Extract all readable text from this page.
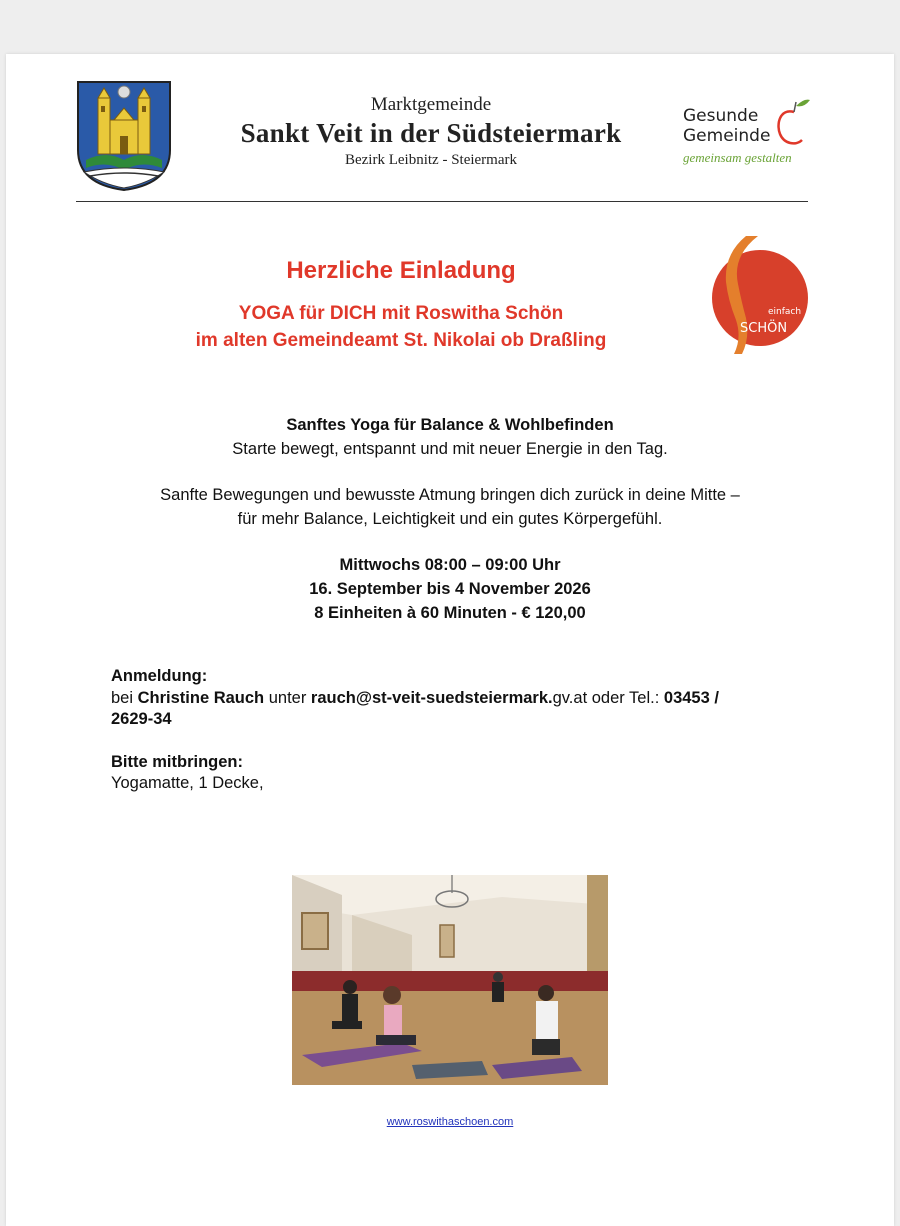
Marktgemeinde
Sankt Veit in der Südsteiermark
Bezirk Leibnitz - Steiermark
Gesunde
Gemeinde
gemeinsam gestalten
einfach
SCHÖN
Herzliche Einladung
YOGA für DICH mit Roswitha Schön
im alten Gemeindeamt St. Nikolai ob Draßling
Sanftes Yoga für Balance & Wohlbefinden
Starte bewegt, entspannt und mit neuer Energie in den Tag.
Sanfte Bewegungen und bewusste Atmung bringen dich zurück in deine Mitte –
für mehr Balance, Leichtigkeit und ein gutes Körpergefühl.
Mittwochs 08:00 – 09:00 Uhr
16. September bis 4 November 2026
8 Einheiten à 60 Minuten - € 120,00
Anmeldung:
bei Christine Rauch unter rauch@st-veit-suedsteiermark.gv.at oder Tel.: 03453 /
2629-34
Bitte mitbringen:
Yogamatte, 1 Decke,
www.roswithaschoen.com
